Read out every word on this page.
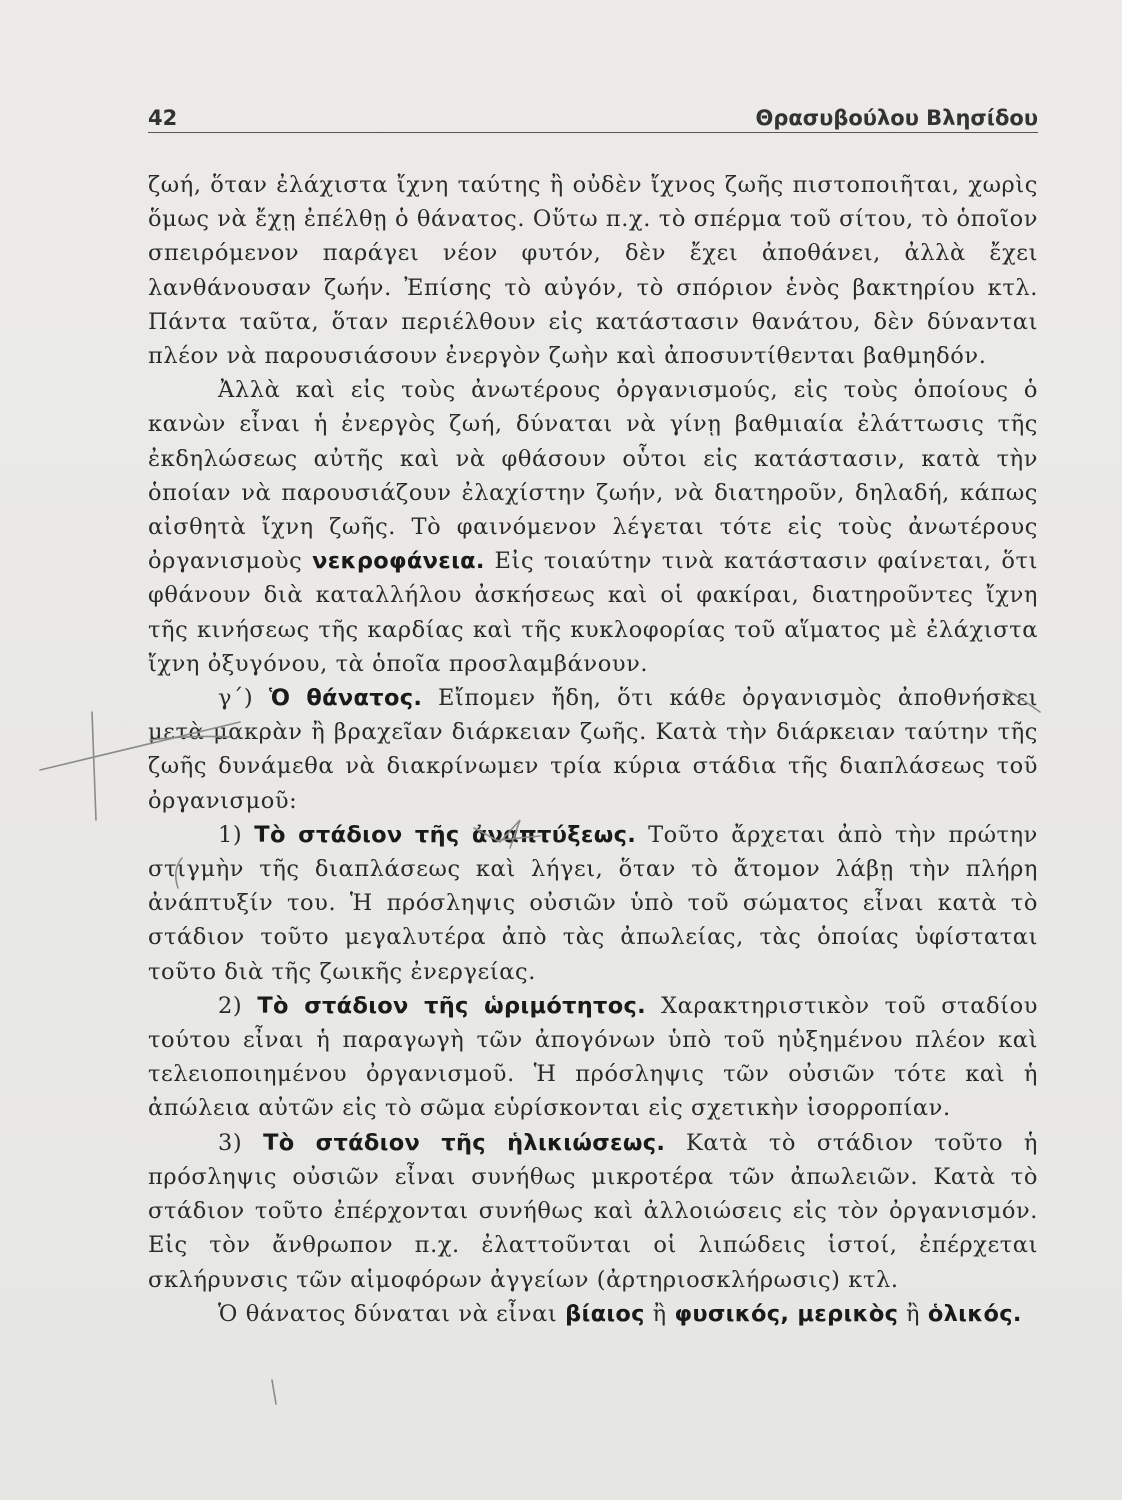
42	Θρασυβούλου Βλησίδου

ζωή, ὅταν ἐλάχιστα ἴχνη ταύτης ἢ οὐδὲν ἴχνος ζωῆς πιστοποιῆται, χωρὶς ὅμως νὰ ἔχῃ ἐπέλθῃ ὁ θάνατος. Οὕτω π.χ. τὸ σπέρμα τοῦ σίτου, τὸ ὁποῖον σπειρόμενον παράγει νέον φυτόν, δὲν ἔχει ἀποθάνει, ἀλλὰ ἔχει λανθάνουσαν ζωήν. Ἐπίσης τὸ αὐγόν, τὸ σπόριον ἑνὸς βακτηρίου κτλ. Πάντα ταῦτα, ὅταν περιέλθουν εἰς κατάστασιν θανάτου, δὲν δύνανται πλέον νὰ παρουσιάσουν ἐνεργὸν ζωὴν καὶ ἀποσυντίθενται βαθμηδόν.

Ἀλλὰ καὶ εἰς τοὺς ἀνωτέρους ὀργανισμούς, εἰς τοὺς ὁποίους ὁ κανὼν εἶναι ἡ ἐνεργὸς ζωή, δύναται νὰ γίνῃ βαθμιαία ἐλάττωσις τῆς ἐκδηλώσεως αὐτῆς καὶ νὰ φθάσουν οὗτοι εἰς κατάστασιν, κατὰ τὴν ὁποίαν νὰ παρουσιάζουν ἐλαχίστην ζωήν, νὰ διατηροῦν, δηλαδή, κάπως αἰσθητὰ ἴχνη ζωῆς. Τὸ φαινόμενον λέγεται τότε εἰς τοὺς ἀνωτέρους ὀργανισμοὺς νεκροφάνεια. Εἰς τοιαύτην τινὰ κατάστασιν φαίνεται, ὅτι φθάνουν διὰ καταλλήλου ἀσκήσεως καὶ οἱ φακίραι, διατηροῦντες ἴχνη τῆς κινήσεως τῆς καρδίας καὶ τῆς κυκλοφορίας τοῦ αἵματος μὲ ἐλάχιστα ἴχνη ὀξυγόνου, τὰ ὁποῖα προσλαμβάνουν.

γ΄) Ὁ θάνατος. Εἴπομεν ἤδη, ὅτι κάθε ὀργανισμὸς ἀποθνήσκει μετὰ μακρὰν ἢ βραχεῖαν διάρκειαν ζωῆς. Κατὰ τὴν διάρκειαν ταύτην τῆς ζωῆς δυνάμεθα νὰ διακρίνωμεν τρία κύρια στάδια τῆς διαπλάσεως τοῦ ὀργανισμοῦ:

1) Τὸ στάδιον τῆς ἀναπτύξεως. Τοῦτο ἄρχεται ἀπὸ τὴν πρώτην στιγμὴν τῆς διαπλάσεως καὶ λήγει, ὅταν τὸ ἄτομον λάβῃ τὴν πλήρη ἀνάπτυξίν του. Ἡ πρόσληψις οὐσιῶν ὑπὸ τοῦ σώματος εἶναι κατὰ τὸ στάδιον τοῦτο μεγαλυτέρα ἀπὸ τὰς ἀπωλείας, τὰς ὁποίας ὑφίσταται τοῦτο διὰ τῆς ζωικῆς ἐνεργείας.

2) Τὸ στάδιον τῆς ὡριμότητος. Χαρακτηριστικὸν τοῦ σταδίου τούτου εἶναι ἡ παραγωγὴ τῶν ἀπογόνων ὑπὸ τοῦ ηὐξημένου πλέον καὶ τελειοποιημένου ὀργανισμοῦ. Ἡ πρόσληψις τῶν οὐσιῶν τότε καὶ ἡ ἀπώλεια αὐτῶν εἰς τὸ σῶμα εὑρίσκονται εἰς σχετικὴν ἰσορροπίαν.

3) Τὸ στάδιον τῆς ἡλικιώσεως. Κατὰ τὸ στάδιον τοῦτο ἡ πρόσληψις οὐσιῶν εἶναι συνήθως μικροτέρα τῶν ἀπωλειῶν. Κατὰ τὸ στάδιον τοῦτο ἐπέρχονται συνήθως καὶ ἀλλοιώσεις εἰς τὸν ὀργανισμόν. Εἰς τὸν ἄνθρωπον π.χ. ἐλαττοῦνται οἱ λιπώδεις ἱστοί, ἐπέρχεται σκλήρυνσις τῶν αἱμοφόρων ἀγγείων (ἀρτηριοσκλήρωσις) κτλ.

Ὁ θάνατος δύναται νὰ εἶναι βίαιος ἢ φυσικός, μερικὸς ἢ ὁλικός.
